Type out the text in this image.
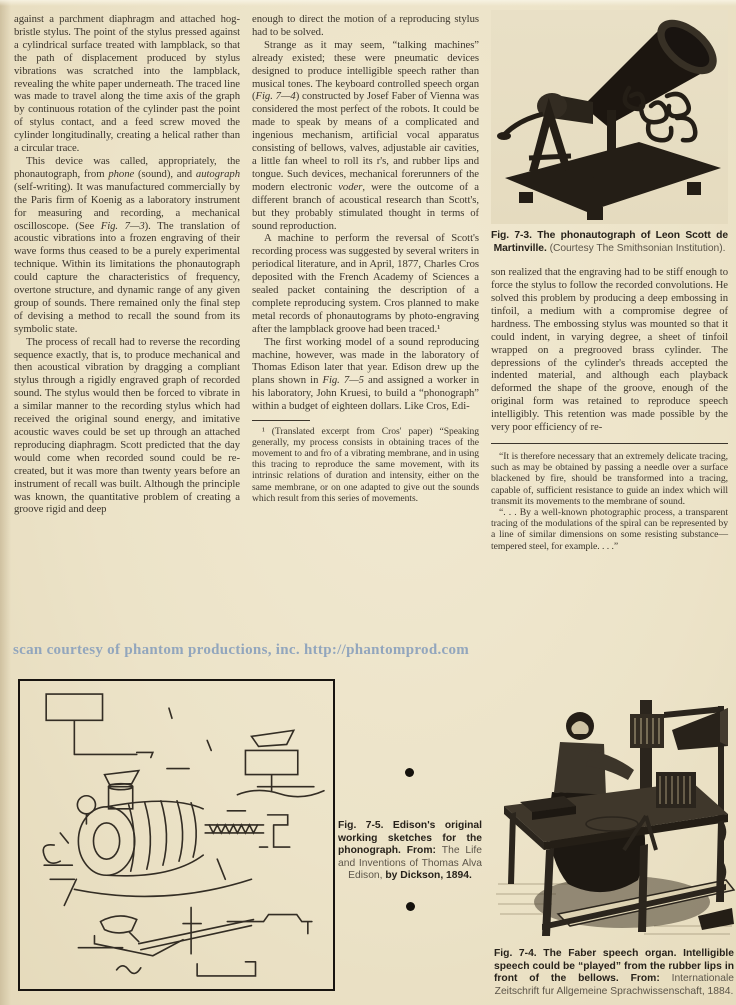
against a parchment diaphragm and attached hog-bristle stylus. The point of the stylus pressed against a cylindrical surface treated with lampblack, so that the path of displacement produced by stylus vibrations was scratched into the lampblack, revealing the white paper underneath. The traced line was made to travel along the time axis of the graph by continuous rotation of the cylinder past the point of stylus contact, and a feed screw moved the cylinder longitudinally, creating a helical rather than a circular trace.

This device was called, appropriately, the phonautograph, from phone (sound), and autograph (self-writing). It was manufactured commercially by the Paris firm of Koenig as a laboratory instrument for measuring and recording, a mechanical oscilloscope. (See Fig. 7—3). The translation of acoustic vibrations into a frozen engraving of their wave forms thus ceased to be a purely experimental technique. Within its limitations the phonautograph could capture the characteristics of frequency, overtone structure, and dynamic range of any given group of sounds. There remained only the final step of devising a method to recall the sound from its symbolic state.

The process of recall had to reverse the recording sequence exactly, that is, to produce mechanical and then acoustical vibration by dragging a compliant stylus through a rigidly engraved graph of recorded sound. The stylus would then be forced to vibrate in a similar manner to the recording stylus which had received the original sound energy, and imitative acoustic waves could be set up through an attached reproducing diaphragm. Scott predicted that the day would come when recorded sound could be re-created, but it was more than twenty years before an instrument of recall was built. Although the principle was known, the quantitative problem of creating a groove rigid and deep

enough to direct the motion of a reproducing stylus had to be solved.

Strange as it may seem, “talking machines” already existed; these were pneumatic devices designed to produce intelligible speech rather than musical tones. The keyboard controlled speech organ (Fig. 7—4) constructed by Josef Faber of Vienna was considered the most perfect of the robots. It could be made to speak by means of a complicated and ingenious mechanism, artificial vocal apparatus consisting of bellows, valves, adjustable air cavities, a little fan wheel to roll its r's, and rubber lips and tongue. Such devices, mechanical forerunners of the modern electronic voder, were the outcome of a different branch of acoustical research than Scott's, but they probably stimulated thought in terms of sound reproduction.

A machine to perform the reversal of Scott's recording process was suggested by several writers in periodical literature, and in April, 1877, Charles Cros deposited with the French Academy of Sciences a sealed packet containing the description of a complete reproducing system. Cros planned to make metal records of phonautograms by photo-engraving after the lampblack groove had been traced.¹

The first working model of a sound reproducing machine, however, was made in the laboratory of Thomas Edison later that year. Edison drew up the plans shown in Fig. 7—5 and assigned a worker in his laboratory, John Kruesi, to build a “phonograph” within a budget of eighteen dollars. Like Cros, Edi-

¹ (Translated excerpt from Cros' paper) “Speaking generally, my process consists in obtaining traces of the movement to and fro of a vibrating membrane, and in using this tracing to reproduce the same movement, with its intrinsic relations of duration and intensity, either on the same membrane, or on one adapted to give out the sounds which result from this series of movements.

Fig. 7-3. The phonautograph of Leon Scott de Martinville. (Courtesy The Smithsonian Institution).

son realized that the engraving had to be stiff enough to force the stylus to follow the recorded convolutions. He solved this problem by producing a deep embossing in tinfoil, a medium with a compromise degree of hardness. The embossing stylus was mounted so that it could indent, in varying degree, a sheet of tinfoil wrapped on a pregrooved brass cylinder. The depressions of the cylinder's threads accepted the indented material, and although each playback deformed the shape of the groove, enough of the original form was retained to reproduce speech intelligibly. This retention was made possible by the very poor efficiency of re-

“It is therefore necessary that an extremely delicate tracing, such as may be obtained by passing a needle over a surface blackened by fire, should be transformed into a tracing, capable of, sufficient resistance to guide an index which will transmit its movements to the membrane of sound.

“. . . By a well-known photographic process, a transparent tracing of the modulations of the spiral can be represented by a line of similar dimensions on some resisting substance—tempered steel, for example. . . .”

scan courtesy of phantom productions, inc. http://phantomprod.com
Fig. 7-5. Edison's original working sketches for the phonograph. From: The Life and Inventions of Thomas Alva Edison, by Dickson, 1894.
Fig. 7-4. The Faber speech organ. Intelligible speech could be “played” from the rubber lips in front of the bellows. From: Internationale Zeitschrift fur Allgemeine Sprachwissenschaft, 1884.
